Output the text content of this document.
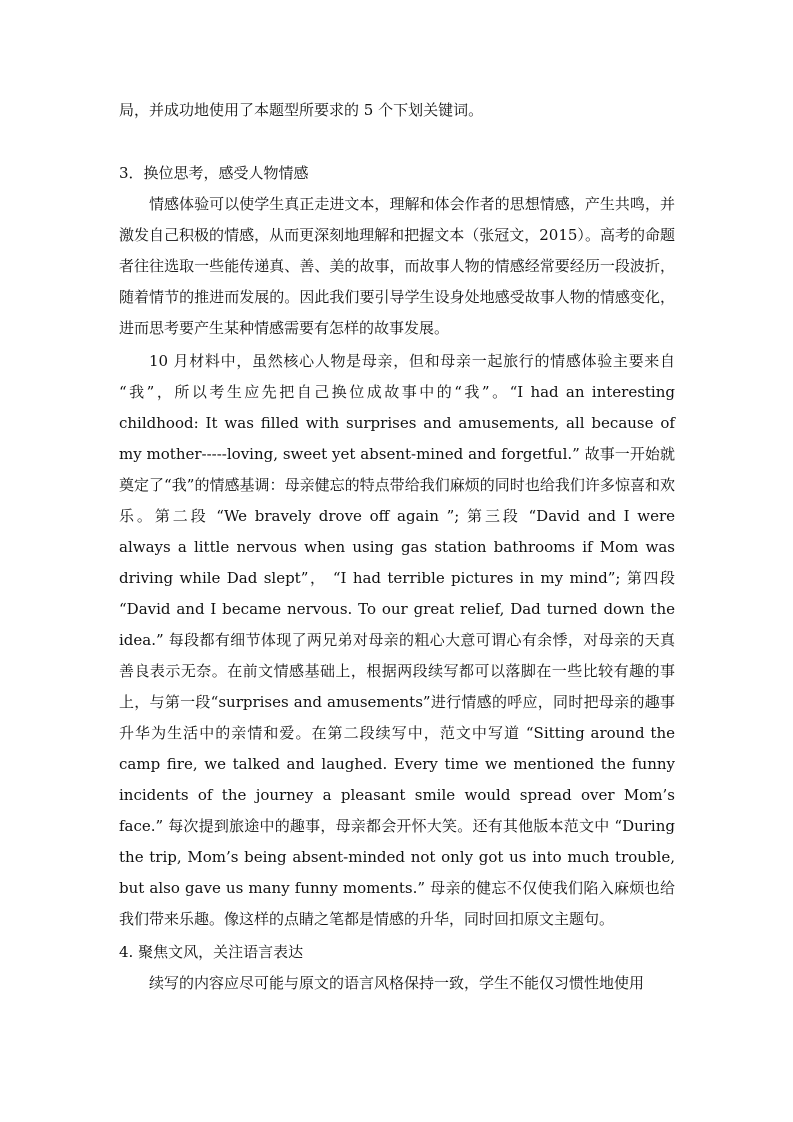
局，并成功地使用了本题型所要求的 5 个下划关键词。
3．换位思考，感受人物情感
情感体验可以使学生真正走进文本，理解和体会作者的思想情感，产生共鸣，并激发自己积极的情感，从而更深刻地理解和把握文本（张冠文，2015）。高考的命题者往往选取一些能传递真、善、美的故事，而故事人物的情感经常要经历一段波折，随着情节的推进而发展的。因此我们要引导学生设身处地感受故事人物的情感变化，进而思考要产生某种情感需要有怎样的故事发展。
10 月材料中，虽然核心人物是母亲，但和母亲一起旅行的情感体验主要来自 “我”，所以考生应先把自己换位成故事中的“我”。“I had an interesting childhood: It was filled with surprises and amusements, all because of my mother-----loving, sweet yet absent-mined and forgetful.” 故事一开始就奠定了“我”的情感基调：母亲健忘的特点带给我们麻烦的同时也给我们许多惊喜和欢乐。第二段 “We bravely drove off again ”; 第三段 “David and I were always a little nervous when using gas station bathrooms if Mom was driving while Dad slept”， “I had terrible pictures in my mind”; 第四段 “David and I became nervous. To our great relief, Dad turned down the idea.” 每段都有细节体现了两兄弟对母亲的粗心大意可谓心有余悸，对母亲的天真善良表示无奈。在前文情感基础上，根据两段续写都可以落脚在一些比较有趣的事上，与第一段“surprises and amusements”进行情感的呼应，同时把母亲的趣事升华为生活中的亲情和爱。在第二段续写中，范文中写道 “Sitting around the camp fire, we talked and laughed. Every time we mentioned the funny incidents of the journey a pleasant smile would spread over Mom’s face.” 每次提到旅途中的趣事，母亲都会开怀大笑。还有其他版本范文中 “During the trip, Mom’s being absent-minded not only got us into much trouble, but also gave us many funny moments.” 母亲的健忘不仅使我们陷入麻烦也给我们带来乐趣。像这样的点睛之笔都是情感的升华，同时回扣原文主题句。
4. 聚焦文风，关注语言表达
续写的内容应尽可能与原文的语言风格保持一致，学生不能仅习惯性地使用
